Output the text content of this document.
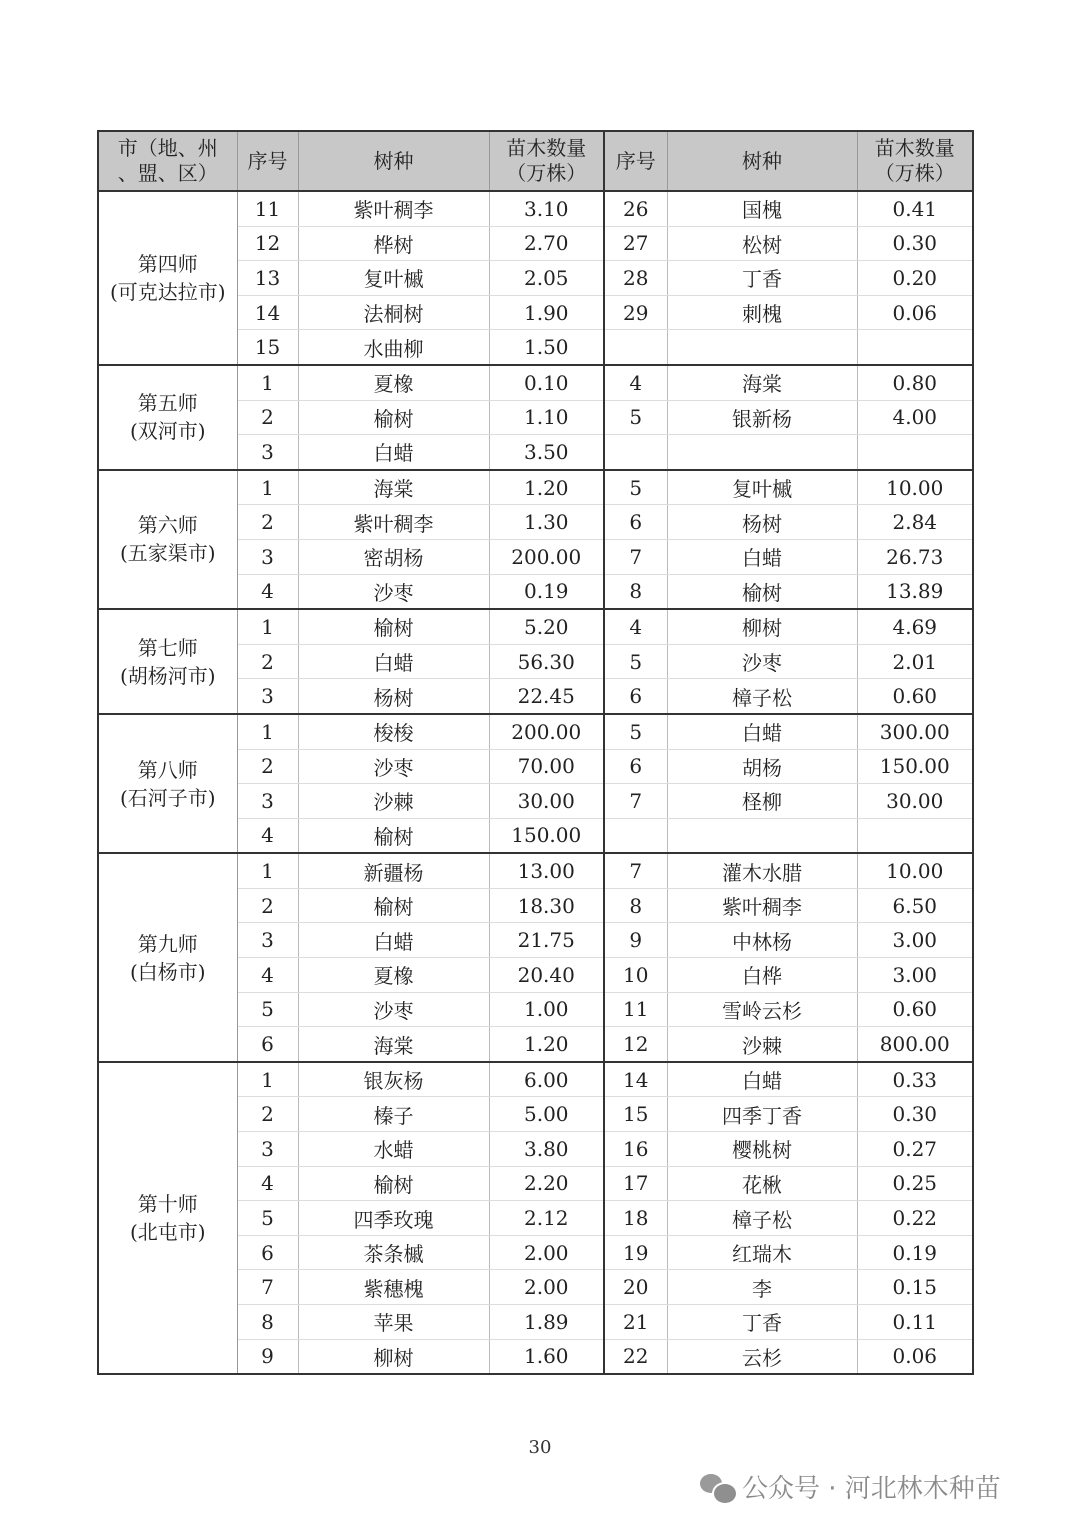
市（地、州
、盟、区）
	序号	树种	
苗木数量
（万株）
	序号	树种	
苗木数量
（万株）

第四师
(可克达拉市)	11	紫叶稠李	3.10	26	国槐	0.41
	12	桦树	2.70	27	松树	0.30
	13	复叶槭	2.05	28	丁香	0.20
	14	法桐树	1.90	29	刺槐	0.06
	15	水曲柳	1.50			

第五师
(双河市)	1	夏橡	0.10	4	海棠	0.80
	2	榆树	1.10	5	银新杨	4.00
	3	白蜡	3.50			

第六师
(五家渠市)	1	海棠	1.20	5	复叶槭	10.00
	2	紫叶稠李	1.30	6	杨树	2.84
	3	密胡杨	200.00	7	白蜡	26.73
	4	沙枣	0.19	8	榆树	13.89

第七师
(胡杨河市)	1	榆树	5.20	4	柳树	4.69
	2	白蜡	56.30	5	沙枣	2.01
	3	杨树	22.45	6	樟子松	0.60

第八师
(石河子市)	1	梭梭	200.00	5	白蜡	300.00
	2	沙枣	70.00	6	胡杨	150.00
	3	沙棘	30.00	7	柽柳	30.00
	4	榆树	150.00			

第九师
(白杨市)	1	新疆杨	13.00	7	灌木水腊	10.00
	2	榆树	18.30	8	紫叶稠李	6.50
	3	白蜡	21.75	9	中林杨	3.00
	4	夏橡	20.40	10	白桦	3.00
	5	沙枣	1.00	11	雪岭云杉	0.60
	6	海棠	1.20	12	沙棘	800.00

第十师
(北屯市)	1	银灰杨	6.00	14	白蜡	0.33
	2	榛子	5.00	15	四季丁香	0.30
	3	水蜡	3.80	16	樱桃树	0.27
	4	榆树	2.20	17	花楸	0.25
	5	四季玫瑰	2.12	18	樟子松	0.22
	6	茶条槭	2.00	19	红瑞木	0.19
	7	紫穗槐	2.00	20	李	0.15
	8	苹果	1.89	21	丁香	0.11
	9	柳树	1.60	22	云杉	0.06
30
公众号 · 河北林木种苗
